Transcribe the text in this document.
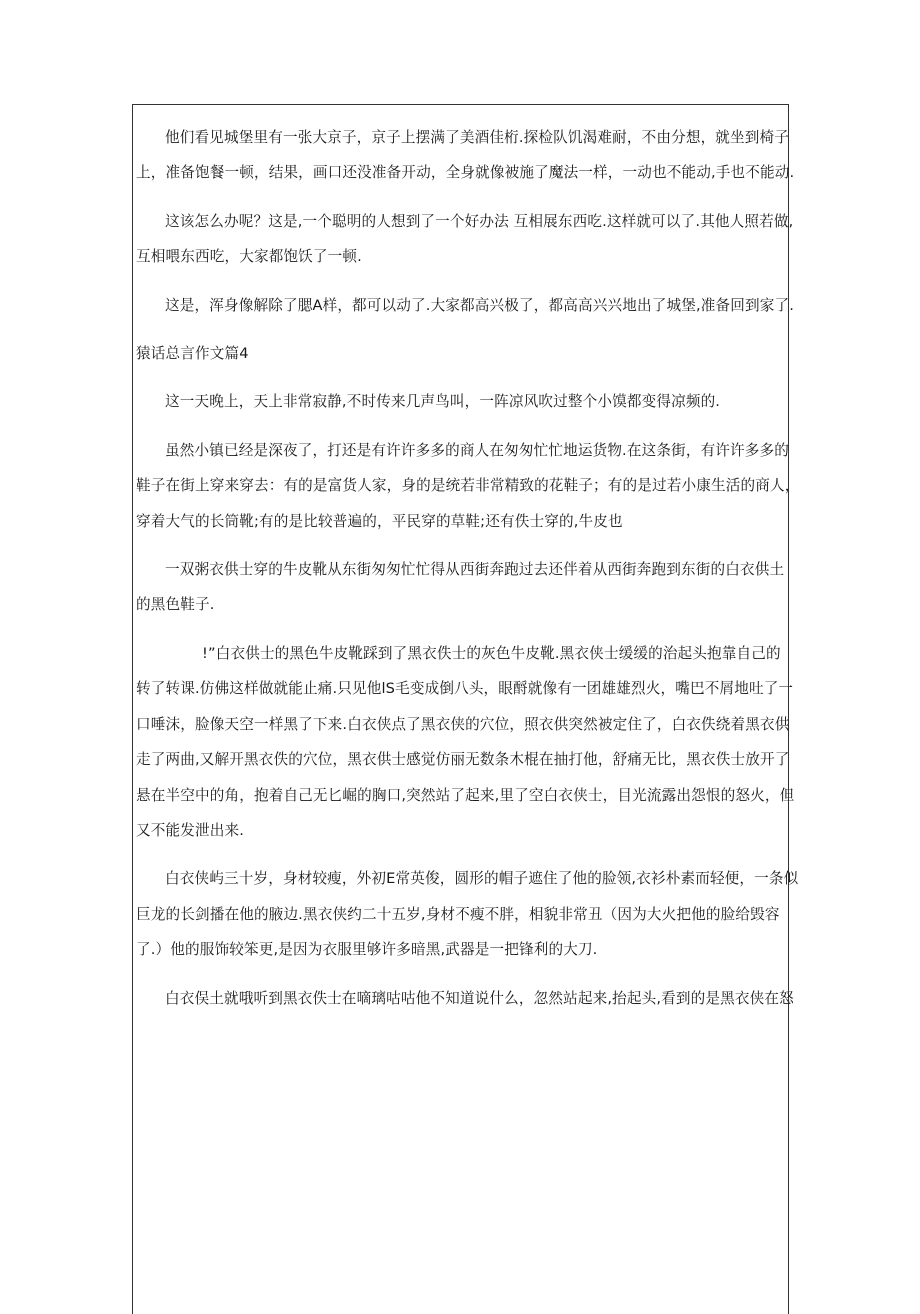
他们看见城堡里有一张大京子，京子上摆满了美酒佳桁.探检队饥渴难耐，不由分想，就坐到椅子
上，准备饱餐一顿，结果，画口还没准备开动，全身就像被施了魔法一样，一动也不能动,手也不能动.

这该怎么办呢？这是,一个聪明的人想到了一个好办法 互相展东西吃.这样就可以了.其他人照若做,
互相喂东西吃，大家都饱饫了一顿.

这是，浑身像解除了腮A样，都可以动了.大家都高兴极了，都高高兴兴地出了城堡,准备回到家了.

猿话总言作文篇4

这一天晚上，天上非常寂静,不时传来几声鸟叫，一阵凉风吹过整个小馍都变得凉频的.

虽然小镇已经是深夜了，打还是有许许多多的商人在匆匆忙忙地运货物.在这条街，有许许多多的
鞋子在街上穿来穿去：有的是富货人家，身的是统若非常精致的花鞋子；有的是过若小康生活的商人，
穿着大气的长筒靴;有的是比较普遍的，平民穿的草鞋;还有佚士穿的,牛皮也

一双粥衣供士穿的牛皮靴从东街匆匆忙忙得从西街奔跑过去还伴着从西街奔跑到东街的白衣供土
的黑色鞋子.

!”白衣供士的黑色牛皮靴踩到了黑衣佚士的灰色牛皮靴.黑衣侠士缓缓的治起头抱靠自己的
转了转课.仿佛这样做就能止痛.只见他lS毛变成倒八头，眼酹就像有一团雄雄烈火，嘴巴不屑地吐了一
口唾沫，脸像天空一样黑了下来.白衣侠点了黑衣侠的穴位，照衣供突然被定住了，白衣佚绕着黑衣供
走了两曲,又解开黑衣佚的穴位，黑衣供士感觉仿丽无数条木棍在抽打他，舒痛无比，黑衣佚士放开了
悬在半空中的角，抱着自己无匕崛的胸口,突然站了起来,里了空白衣侠士，目光流露出怨恨的怒火，但
又不能发泄出来.

白衣侠屿三十岁，身材较瘦，外初E常英俊，圆形的帽子遮住了他的脸领,衣衫朴素而轻便，一条似
巨龙的长剑播在他的腋边.黑衣侠约二十五岁,身材不瘦不胖，相貌非常丑（因为大火把他的脸给毁容
了.）他的服饰较笨更,是因为衣服里够许多暗黑,武器是一把锋利的大刀.

白衣俣土就哦听到黑衣佚士在嘀璃咕咕他不知道说什么，忽然站起来,抬起头,看到的是黑衣侠在怒
